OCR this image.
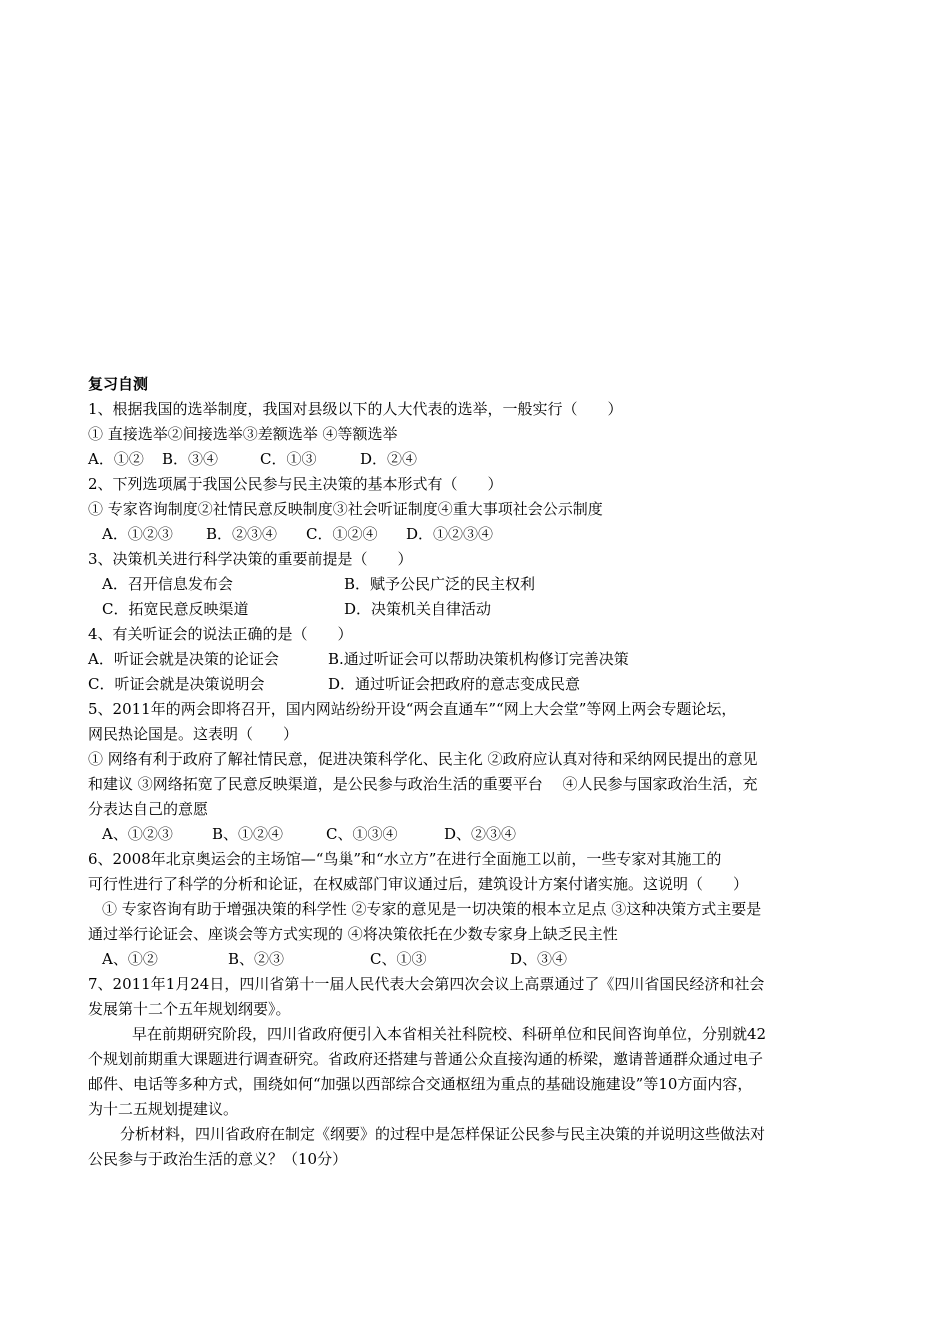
复习自测
1、根据我国的选举制度，我国对县级以下的人大代表的选举，一般实行（　　）
① 直接选举②间接选举③差额选举 ④等额选举
A．①② B．③④	C．①③	D．②④
2、下列选项属于我国公民参与民主决策的基本形式有（　　）
① 专家咨询制度②社情民意反映制度③社会听证制度④重大事项社会公示制度
A．①②③ B．②③④ C．①②④ D．①②③④
3、决策机关进行科学决策的重要前提是（　　）
A．召开信息发布会	B．赋予公民广泛的民主权利
C．拓宽民意反映渠道	D．决策机关自律活动
4、有关听证会的说法正确的是（　　）
A．听证会就是决策的论证会	B.通过听证会可以帮助决策机构修订完善决策
C．听证会就是决策说明会	D．通过听证会把政府的意志变成民意
5、2011年的两会即将召开，国内网站纷纷开设“两会直通车”“网上大会堂”等网上两会专题论坛，
网民热论国是。这表明（　　）
① 网络有利于政府了解社情民意，促进决策科学化、民主化 ②政府应认真对待和采纳网民提出的意见
和建议 ③网络拓宽了民意反映渠道，是公民参与政治生活的重要平台　 ④人民参与国家政治生活，充
分表达自己的意愿
A、①②③	B、①②④	C、①③④	D、②③④
6、2008年北京奥运会的主场馆—“鸟巢”和“水立方”在进行全面施工以前，一些专家对其施工的
可行性进行了科学的分析和论证，在权威部门审议通过后，建筑设计方案付诸实施。这说明（　　）
① 专家咨询有助于增强决策的科学性 ②专家的意见是一切决策的根本立足点 ③这种决策方式主要是
通过举行论证会、座谈会等方式实现的 ④将决策依托在少数专家身上缺乏民主性
A、①②	B、②③	C、①③	D、③④
7、2011年1月24日，四川省第十一届人民代表大会第四次会议上高票通过了《四川省国民经济和社会
发展第十二个五年规划纲要》。
早在前期研究阶段，四川省政府便引入本省相关社科院校、科研单位和民间咨询单位，分别就42
个规划前期重大课题进行调查研究。省政府还搭建与普通公众直接沟通的桥梁，邀请普通群众通过电子
邮件、电话等多种方式，围绕如何“加强以西部综合交通枢纽为重点的基础设施建设”等10方面内容，
为十二五规划提建议。
分析材料，四川省政府在制定《纲要》的过程中是怎样保证公民参与民主决策的并说明这些做法对
公民参与于政治生活的意义？（10分）
